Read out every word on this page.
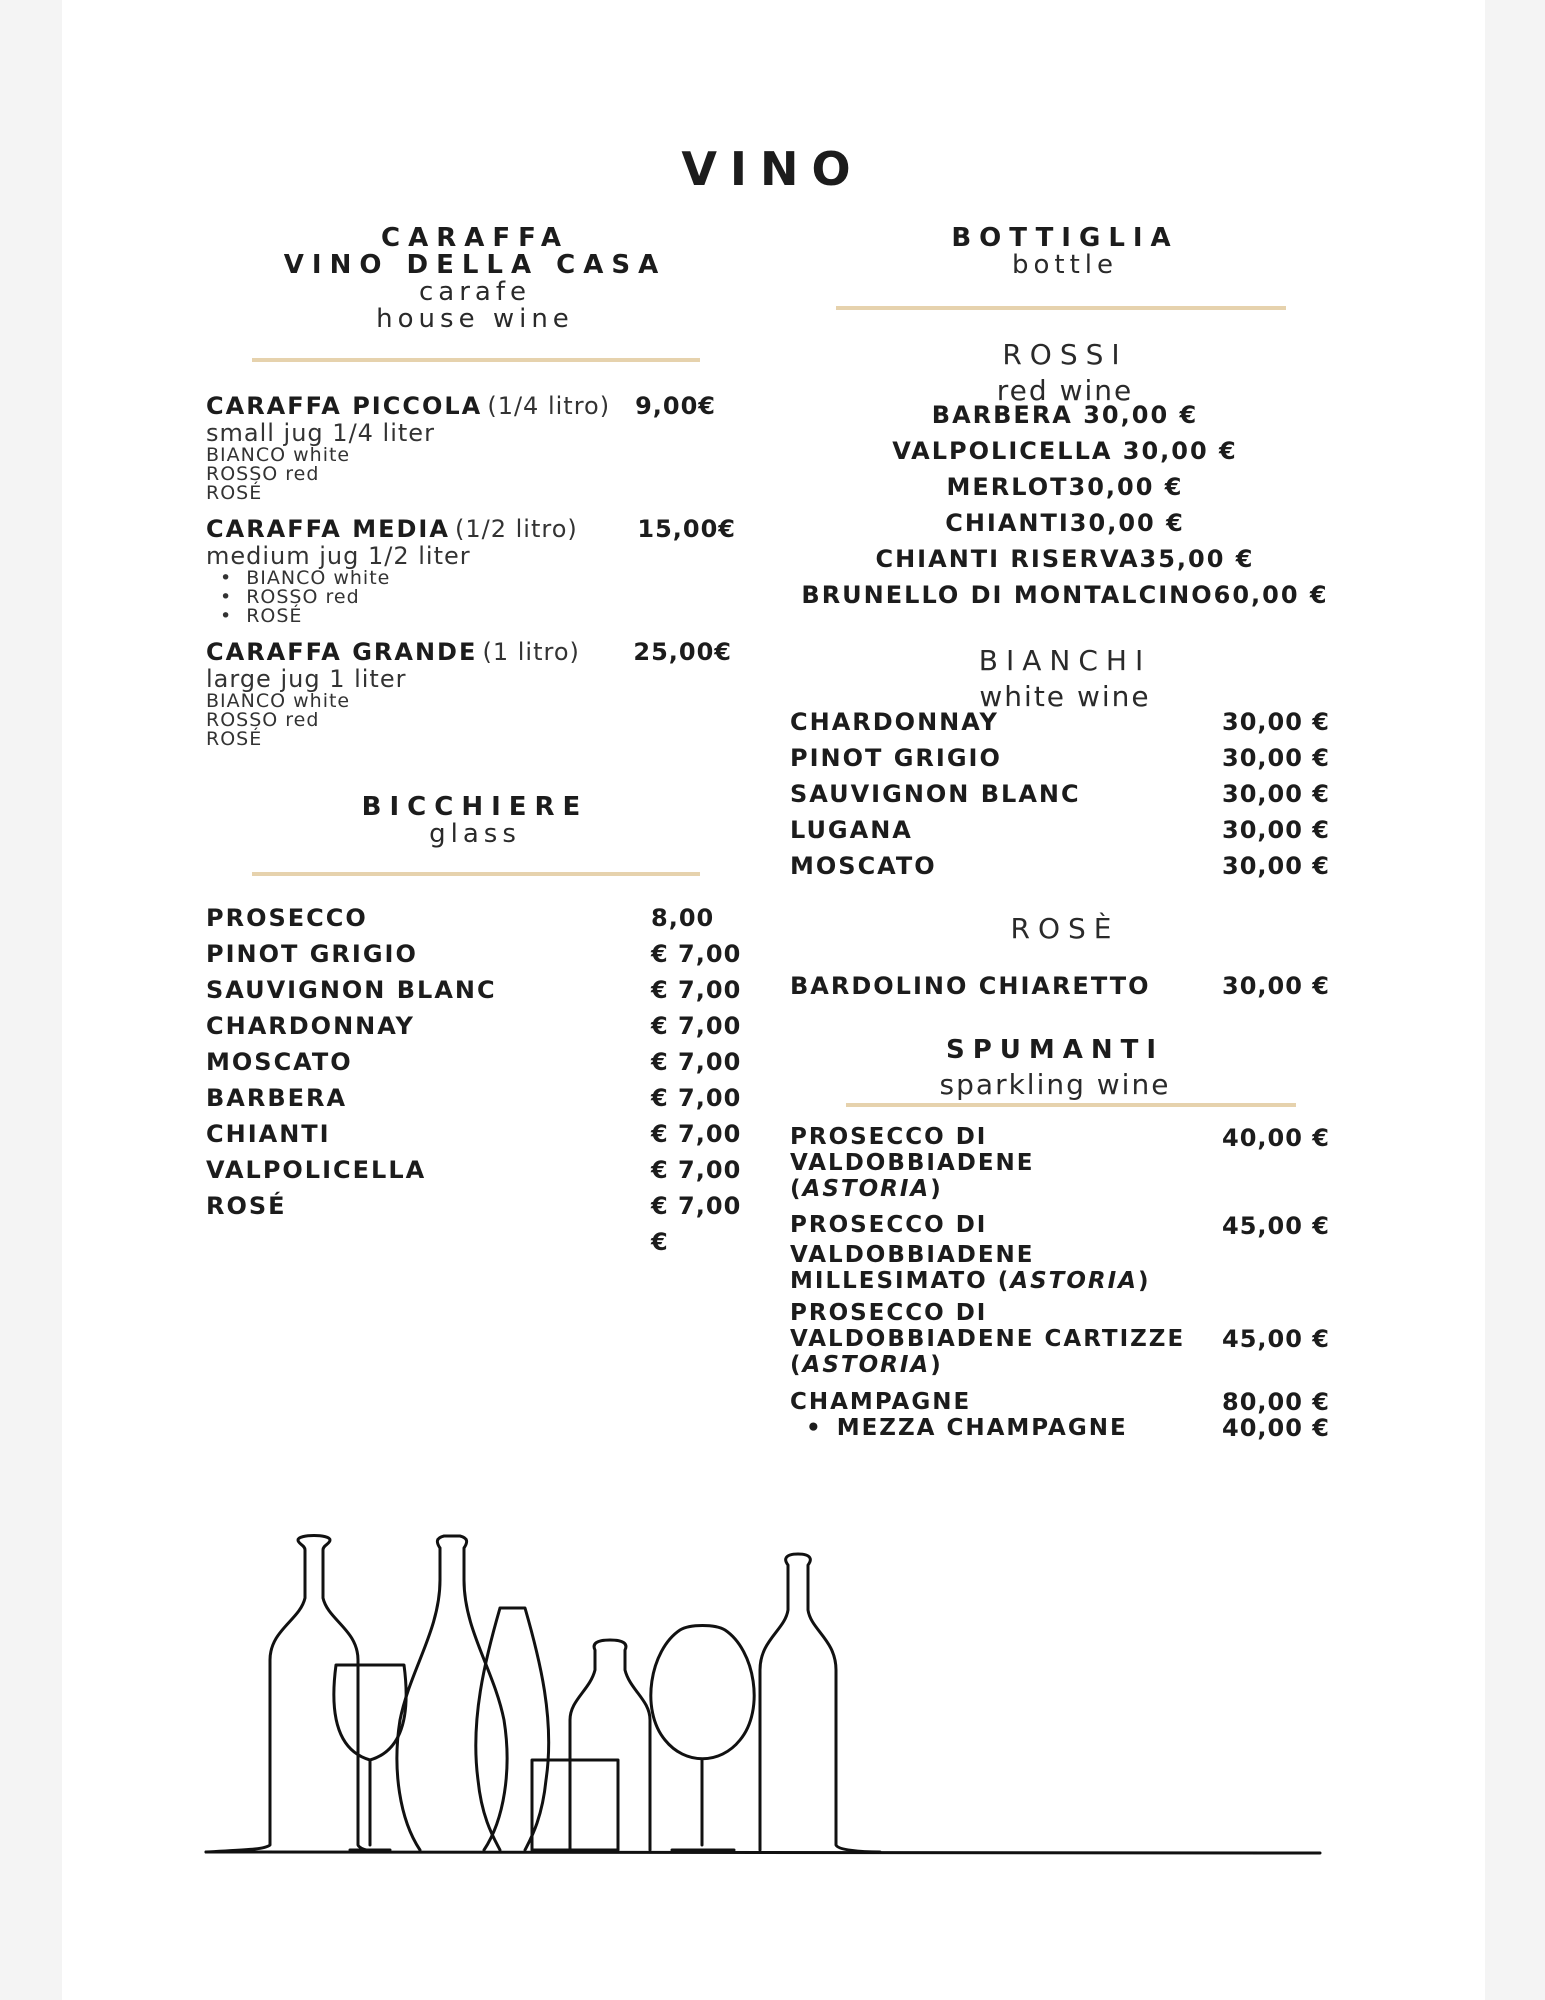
VINO
CARAFFA
VINO DELLA CASA
carafe
house wine
CARAFFA PICCOLA (1/4 litro) 9,00€
small jug 1/4 liter
BIANCO white
ROSSO red
ROSÉ
CARAFFA MEDIA (1/2 litro) 15,00€
medium jug 1/2 liter
• BIANCO white
• ROSSO red
• ROSÉ
CARAFFA GRANDE (1 litro) 25,00€
large jug 1 liter
BIANCO white
ROSSO red
ROSÉ
BICCHIERE
glass
PROSECCO	8,00
PINOT GRIGIO	€ 7,00
SAUVIGNON BLANC	€ 7,00
CHARDONNAY	€ 7,00
MOSCATO	€ 7,00
BARBERA	€ 7,00
CHIANTI	€ 7,00
VALPOLICELLA	€ 7,00
ROSÉ	€ 7,00
€
BOTTIGLIA
bottle
ROSSI
red wine
BARBERA 30,00 €
VALPOLICELLA 30,00 €
MERLOT30,00 €
CHIANTI30,00 €
CHIANTI RISERVA35,00 €
BRUNELLO DI MONTALCINO60,00 €
BIANCHI
white wine
CHARDONNAY	30,00 €
PINOT GRIGIO	30,00 €
SAUVIGNON BLANC	30,00 €
LUGANA	30,00 €
MOSCATO	30,00 €
ROSÈ
BARDOLINO CHIARETTO	30,00 €
SPUMANTI
sparkling wine
PROSECCO DI
VALDOBBIADENE
(ASTORIA)
40,00 €
PROSECCO DI
VALDOBBIADENE
MILLESIMATO (ASTORIA)
45,00 €
PROSECCO DI
VALDOBBIADENE CARTIZZE
(ASTORIA)
45,00 €
CHAMPAGNE	80,00 €
• MEZZA CHAMPAGNE	40,00 €
